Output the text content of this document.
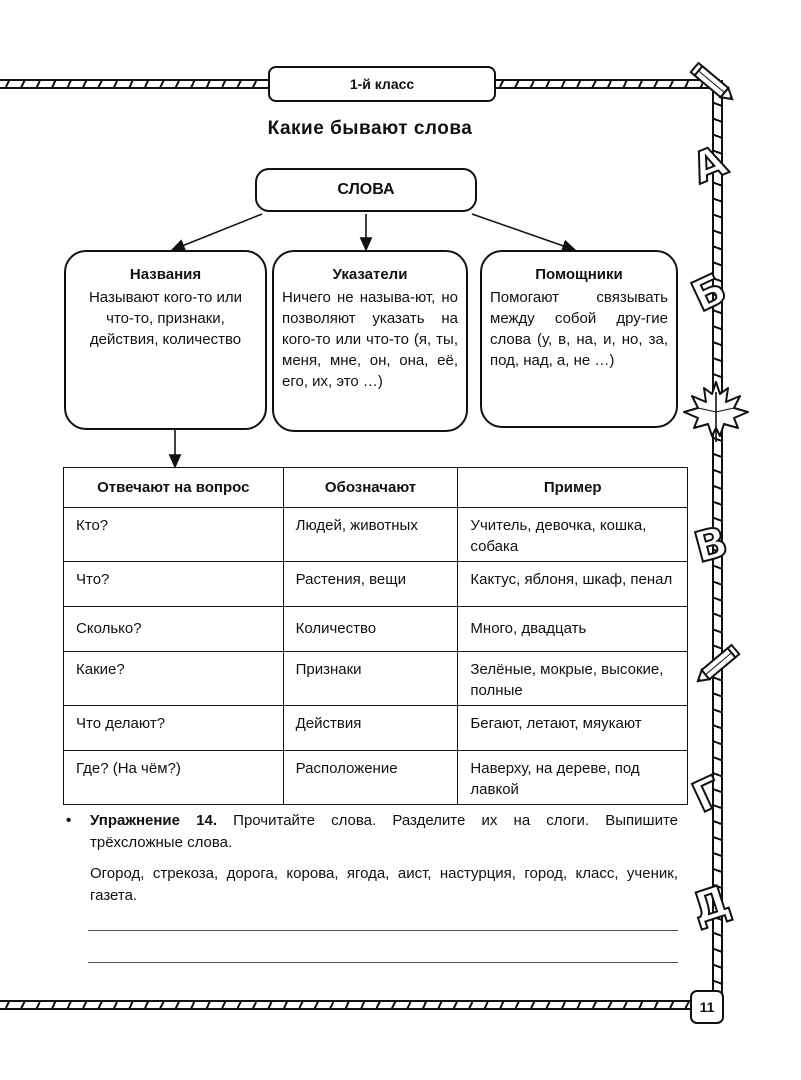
1-й класс
Какие бывают слова
СЛОВА
Названия
Называют кого-то или что-то, признаки, действия, количество
Указатели
Ничего не называ-ют, но позволяют указать на кого-то или что-то (я, ты, меня, мне, он, она, её, его, их, это …)
Помощники
Помогают связывать между собой дру-гие слова (у, в, на, и, но, за, под, над, а, не …)
Отвечают на вопрос	Обозначают	Пример
Кто?	Людей, животных	Учитель, девочка, кошка, собака
Что?	Растения, вещи	Кактус, яблоня, шкаф, пенал
Сколько?	Количество	Много, двадцать
Какие?	Признаки	Зелёные, мокрые, высокие, полные
Что делают?	Действия	Бегают, летают, мяукают
Где? (На чём?)	Расположение	Наверху, на дереве, под лавкой
• Упражнение 14. Прочитайте слова. Разделите их на слоги. Выпишите трёхсложные слова.
Огород, стрекоза, дорога, корова, ягода, аист, настурция, город, класс, ученик, газета.
11
А
Б
В
Г
Д
